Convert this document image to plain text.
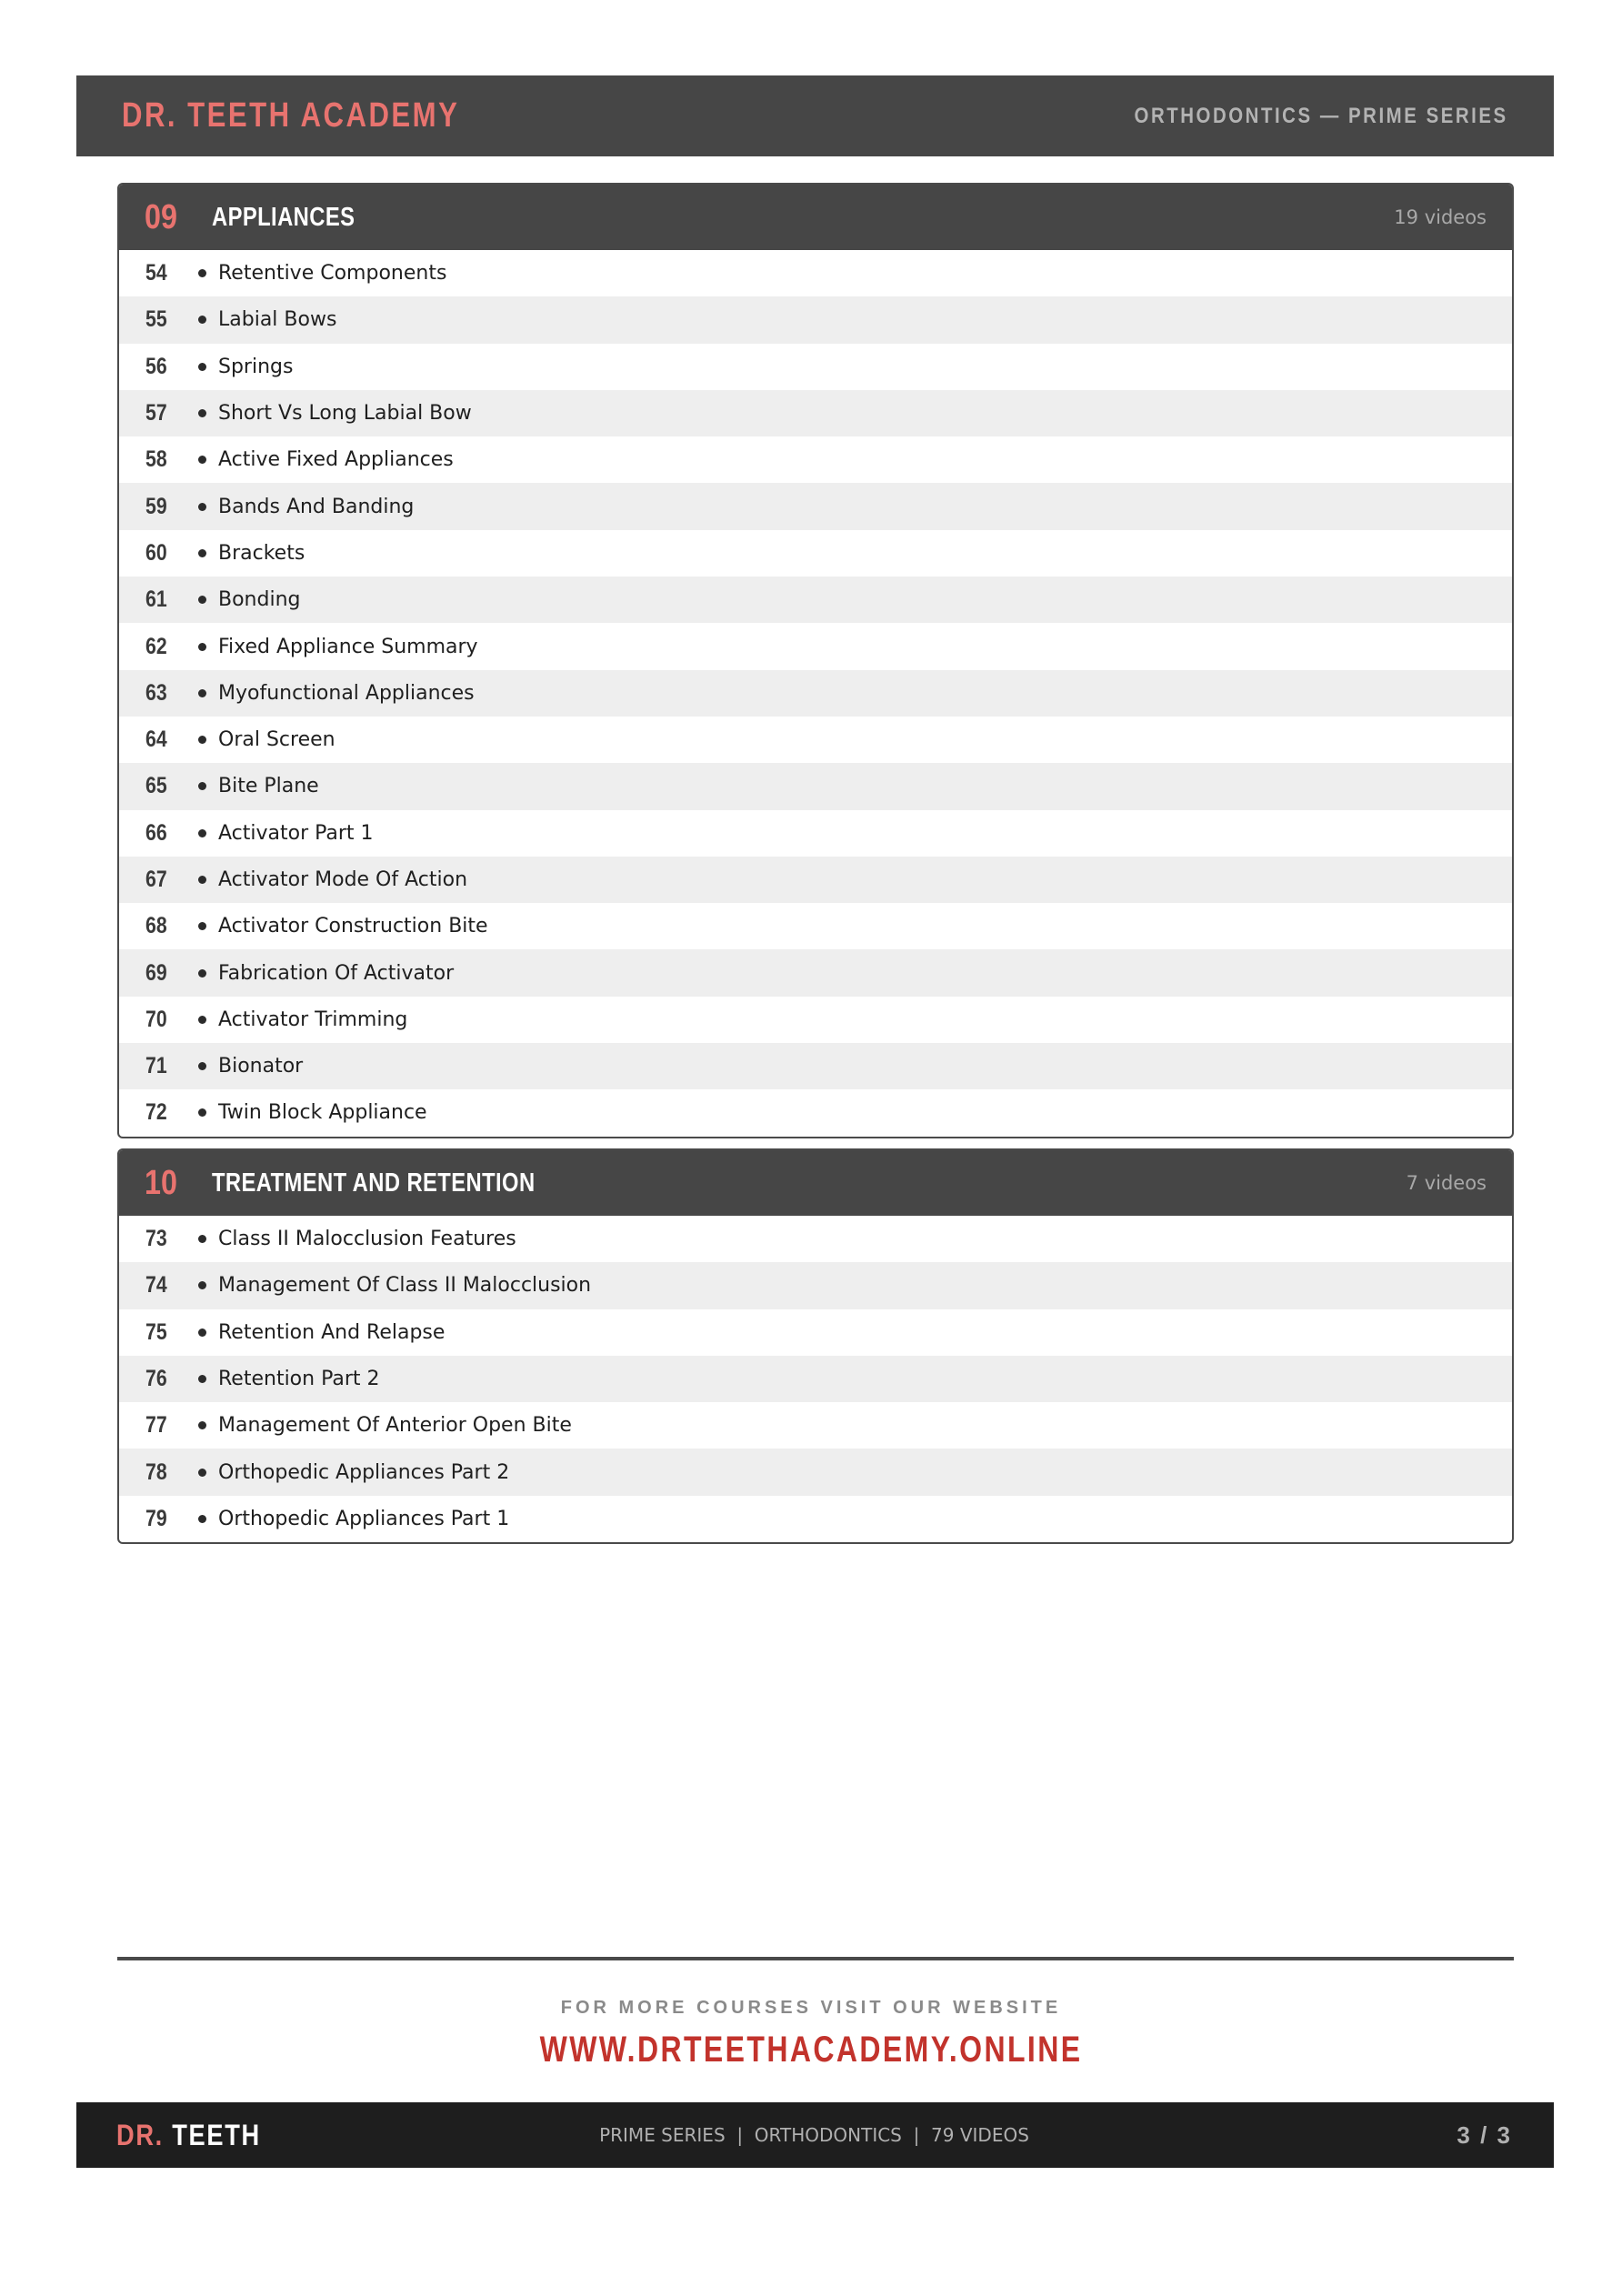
DR. TEETH ACADEMY	ORTHODONTICS — PRIME SERIES
09	APPLIANCES	19 videos
54	Retentive Components
55	Labial Bows
56	Springs
57	Short Vs Long Labial Bow
58	Active Fixed Appliances
59	Bands And Banding
60	Brackets
61	Bonding
62	Fixed Appliance Summary
63	Myofunctional Appliances
64	Oral Screen
65	Bite Plane
66	Activator Part 1
67	Activator Mode Of Action
68	Activator Construction Bite
69	Fabrication Of Activator
70	Activator Trimming
71	Bionator
72	Twin Block Appliance
10	TREATMENT AND RETENTION	7 videos
73	Class II Malocclusion Features
74	Management Of Class II Malocclusion
75	Retention And Relapse
76	Retention Part 2
77	Management Of Anterior Open Bite
78	Orthopedic Appliances Part 2
79	Orthopedic Appliances Part 1
FOR MORE COURSES VISIT OUR WEBSITE
WWW.DRTEETHACADEMY.ONLINE
DR. TEETH	PRIME SERIES  |  ORTHODONTICS  |  79 VIDEOS	3 / 3
